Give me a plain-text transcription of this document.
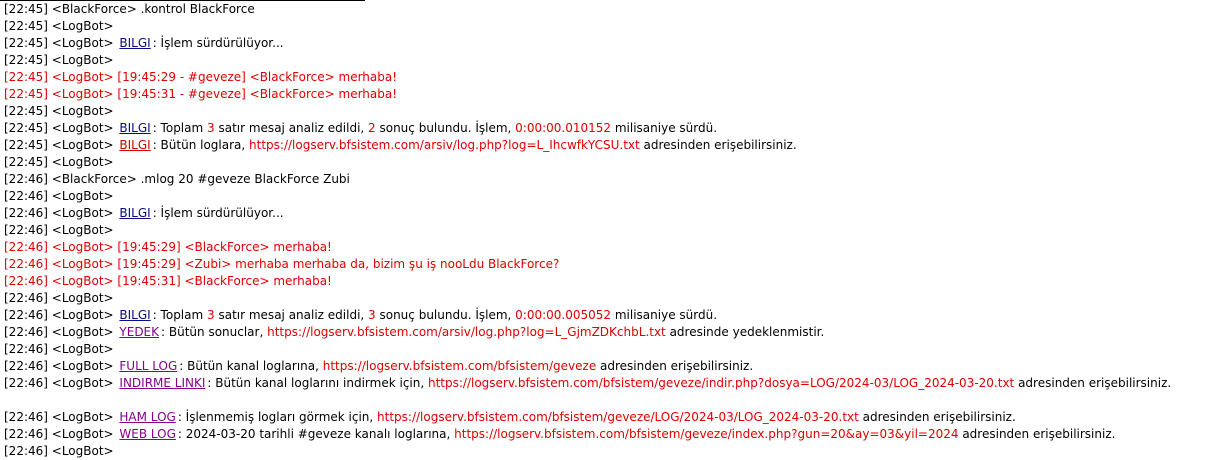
[22:45] <BlackForce> .kontrol BlackForce
[22:45] <LogBot>
[22:45] <LogBot> BILGI : İşlem sürdürülüyor...
[22:45] <LogBot>
[22:45] <LogBot> [19:45:29 - #geveze] <BlackForce> merhaba!
[22:45] <LogBot> [19:45:31 - #geveze] <BlackForce> merhaba!
[22:45] <LogBot>
[22:45] <LogBot> BILGI : Toplam 3 satır mesaj analiz edildi, 2 sonuç bulundu. İşlem, 0:00:00.010152 milisaniye sürdü.
[22:45] <LogBot> BILGI : Bütün loglara, https://logserv.bfsistem.com/arsiv/log.php?log=L_IhcwfkYCSU.txt adresinden erişebilirsiniz.
[22:45] <LogBot>
[22:46] <BlackForce> .mlog 20 #geveze BlackForce Zubi
[22:46] <LogBot>
[22:46] <LogBot> BILGI : İşlem sürdürülüyor...
[22:46] <LogBot>
[22:46] <LogBot> [19:45:29] <BlackForce> merhaba!
[22:46] <LogBot> [19:45:29] <Zubi> merhaba merhaba da, bizim şu iş nooLdu BlackForce?
[22:46] <LogBot> [19:45:31] <BlackForce> merhaba!
[22:46] <LogBot>
[22:46] <LogBot> BILGI : Toplam 3 satır mesaj analiz edildi, 3 sonuç bulundu. İşlem, 0:00:00.005052 milisaniye sürdü.
[22:46] <LogBot> YEDEK : Bütün sonuclar, https://logserv.bfsistem.com/arsiv/log.php?log=L_GjmZDKchbL.txt adresinde yedeklenmistir.
[22:46] <LogBot>
[22:46] <LogBot> FULL LOG : Bütün kanal loglarına, https://logserv.bfsistem.com/bfsistem/geveze adresinden erişebilirsiniz.
[22:46] <LogBot> INDIRME LINKI : Bütün kanal loglarını indirmek için, https://logserv.bfsistem.com/bfsistem/geveze/indir.php?dosya=LOG/2024-03/LOG_2024-03-20.txt adresinden erişebilirsiniz.
[22:46] <LogBot> HAM LOG : İşlenmemiş logları görmek için, https://logserv.bfsistem.com/bfsistem/geveze/LOG/2024-03/LOG_2024-03-20.txt adresinden erişebilirsiniz.
[22:46] <LogBot> WEB LOG : 2024-03-20 tarihli #geveze kanalı loglarına, https://logserv.bfsistem.com/bfsistem/geveze/index.php?gun=20&ay=03&yil=2024 adresinden erişebilirsiniz.
[22:46] <LogBot>
